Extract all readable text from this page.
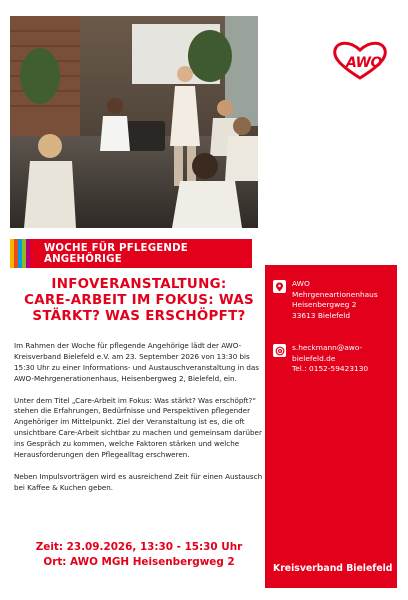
AWO
WOCHE FÜR PFLEGENDE ANGEHÖRIGE
INFOVERANSTALTUNG:
CARE-ARBEIT IM FOKUS: WAS
STÄRKT? WAS ERSCHÖPFT?

Im Rahmen der Woche für pflegende Angehörige lädt der AWO-Kreisverband Bielefeld e.V. am 23. September 2026 von 13:30 bis 15:30 Uhr zu einer Informations- und Austauschveranstaltung in das AWO-Mehrgenerationenhaus, Heisenbergweg 2, Bielefeld, ein.

Unter dem Titel „Care-Arbeit im Fokus: Was stärkt? Was erschöpft?“ stehen die Erfahrungen, Bedürfnisse und Perspektiven pflegender Angehöriger im Mittelpunkt. Ziel der Veranstaltung ist es, die oft unsichtbare Care-Arbeit sichtbar zu machen und gemeinsam darüber ins Gespräch zu kommen, welche Faktoren stärken und welche Herausforderungen den Pflegealltag erschweren.

Neben Impulsvorträgen wird es ausreichend Zeit für einen Austausch bei Kaffee & Kuchen geben.

Zeit: 23.09.2026, 13:30 - 15:30 Uhr
Ort: AWO MGH Heisenbergweg 2
AWO
Mehrgeneartionenhaus
Heisenbergweg 2
33613 Bielefeld
s.heckmann@awo-
bielefeld.de
Tel.: 0152-59423130
Kreisverband Bielefeld
